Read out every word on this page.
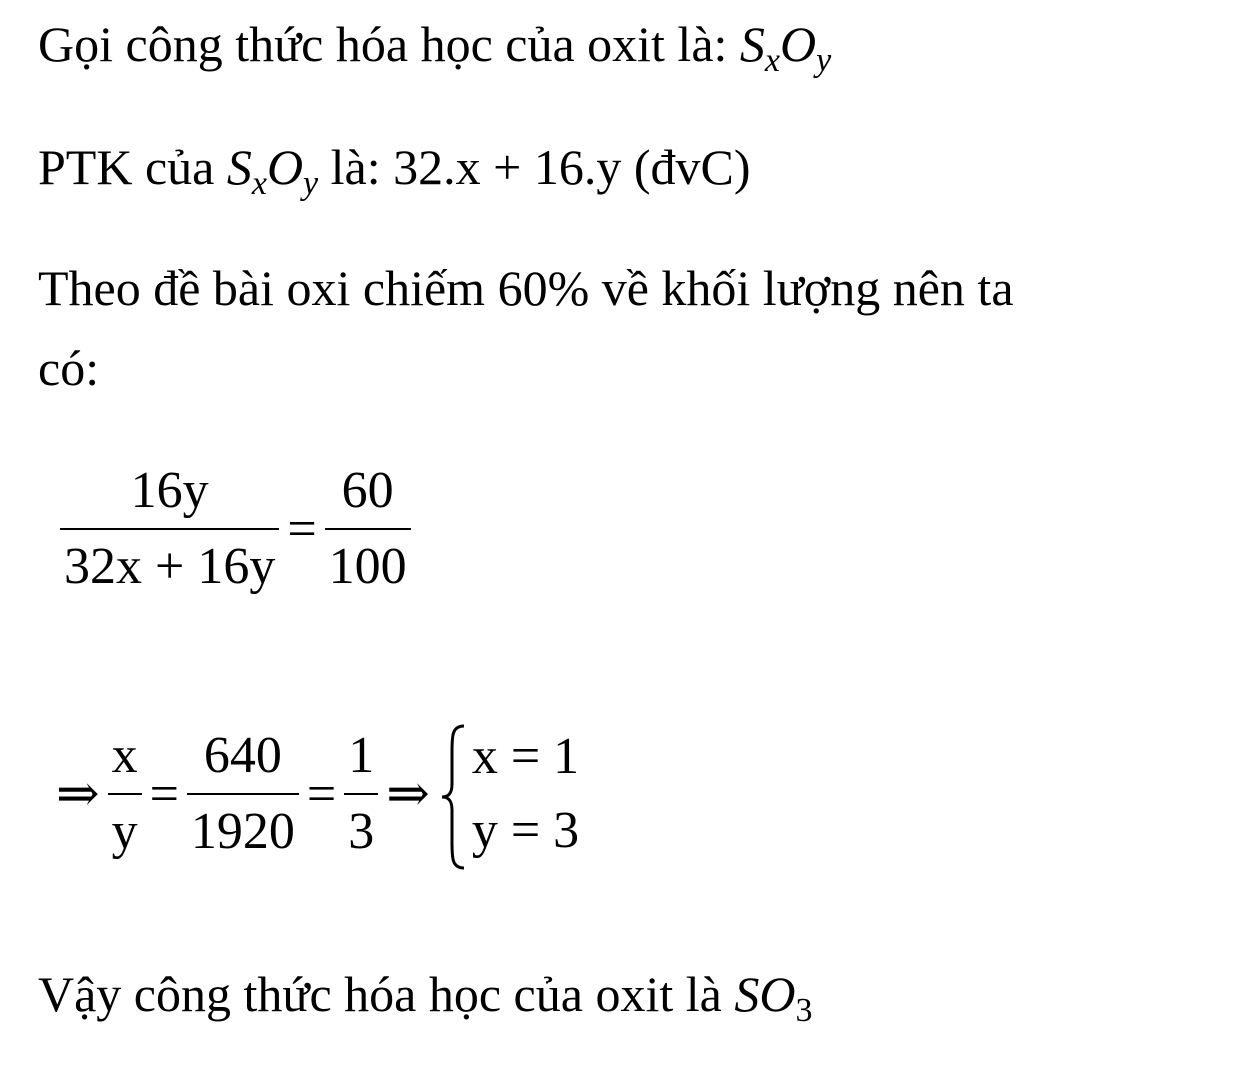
Gọi công thức hóa học của oxit là: $S_xO_y$
PTK của $S_xO_y$ là: 32.x + 16.y (đvC)
Theo đề bài oxi chiếm 60% về khối lượng nên ta
có:
$\frac{16y}{32x + 16y} = \frac{60}{100}$
⇒ $\frac{x}{y} = \frac{640}{1920} = \frac{1}{3}$ ⇒
x = 1
y = 3
Vậy công thức hóa học của oxit là $SO_3$
